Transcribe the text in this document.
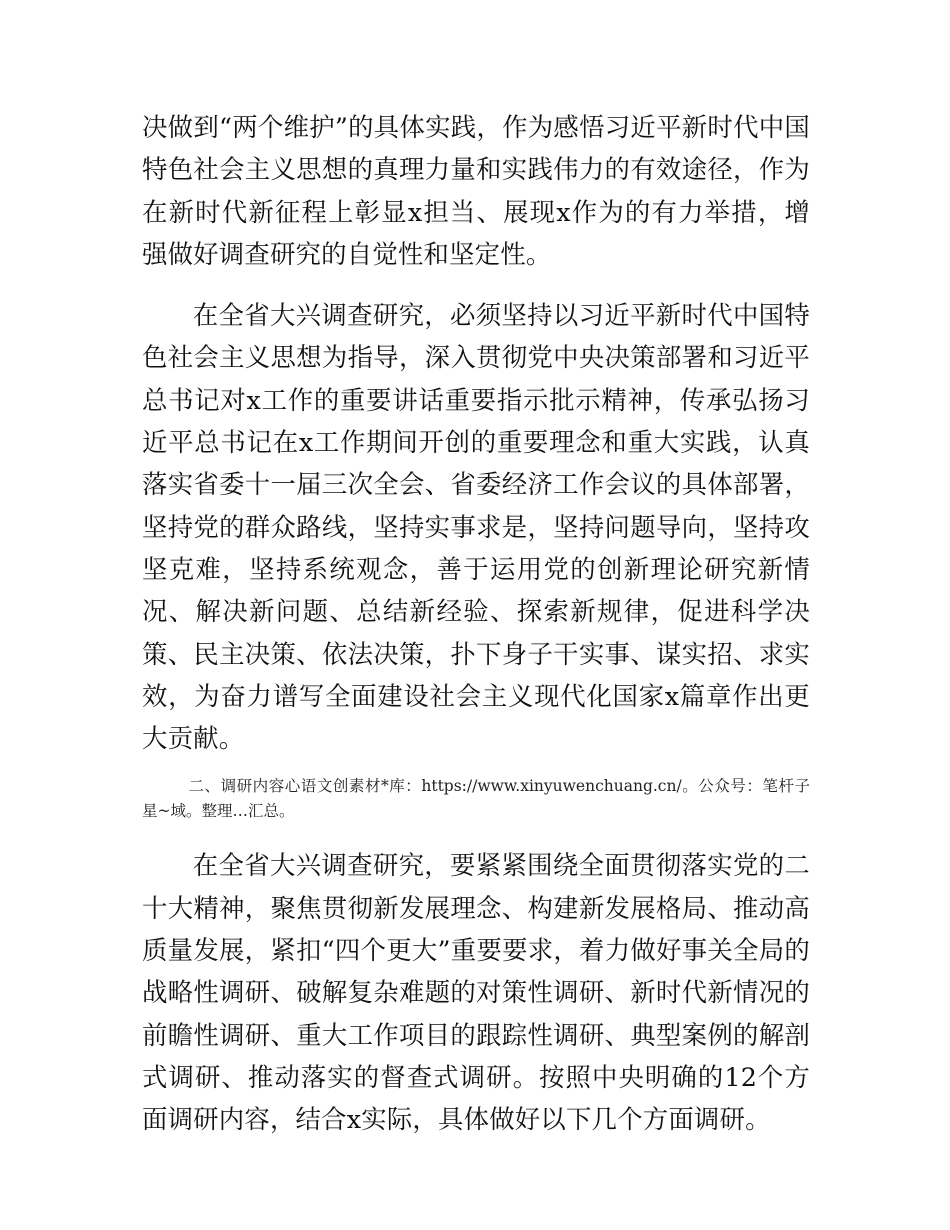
决做到“两个维护”的具体实践，作为感悟习近平新时代中国特色社会主义思想的真理力量和实践伟力的有效途径，作为在新时代新征程上彰显x担当、展现x作为的有力举措，增强做好调查研究的自觉性和坚定性。

在全省大兴调查研究，必须坚持以习近平新时代中国特色社会主义思想为指导，深入贯彻党中央决策部署和习近平总书记对x工作的重要讲话重要指示批示精神，传承弘扬习近平总书记在x工作期间开创的重要理念和重大实践，认真落实省委十一届三次全会、省委经济工作会议的具体部署，坚持党的群众路线，坚持实事求是，坚持问题导向，坚持攻坚克难，坚持系统观念，善于运用党的创新理论研究新情况、解决新问题、总结新经验、探索新规律，促进科学决策、民主决策、依法决策，扑下身子干实事、谋实招、求实效，为奋力谱写全面建设社会主义现代化国家x篇章作出更大贡献。

二、调研内容心语文创素材*库：https://www.xinyuwenchuang.cn/。公众号：笔杆子星~域。整理…汇总。

在全省大兴调查研究，要紧紧围绕全面贯彻落实党的二十大精神，聚焦贯彻新发展理念、构建新发展格局、推动高质量发展，紧扣“四个更大”重要要求，着力做好事关全局的战略性调研、破解复杂难题的对策性调研、新时代新情况的前瞻性调研、重大工作项目的跟踪性调研、典型案例的解剖式调研、推动落实的督查式调研。按照中央明确的12个方面调研内容，结合x实际，具体做好以下几个方面调研。
